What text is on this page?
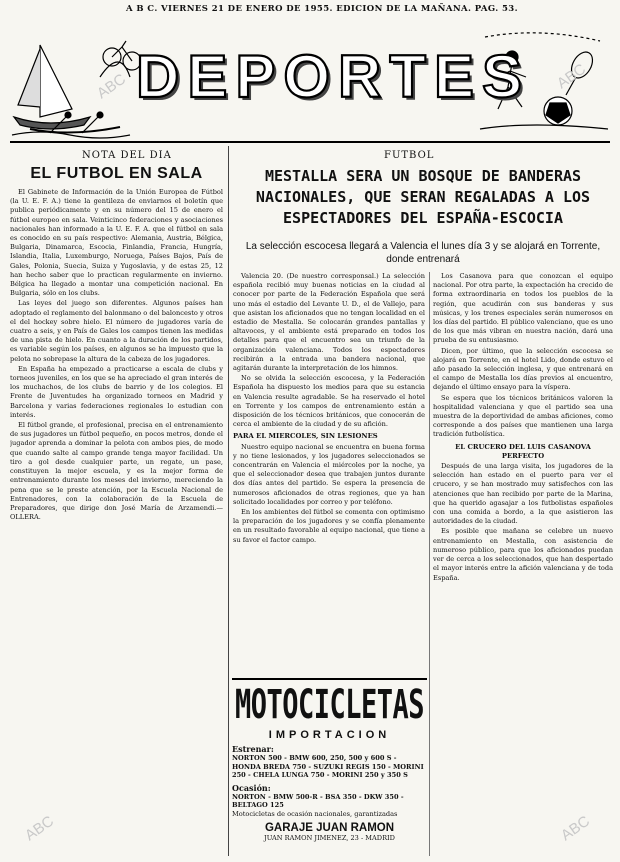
A B C. VIERNES 21 DE ENERO DE 1955. EDICION DE LA MAÑANA. PAG. 53.
DEPORTES
NOTA DEL DIA
EL FUTBOL EN SALA

El Gabinete de Información de la Unión Europea de Fútbol (la U. E. F. A.) tiene la gentileza de enviarnos el boletín que publica periódicamente y en su número del 15 de enero el fútbol europeo en sala. Veinticinco federaciones y asociaciones nacionales han informado a la U. E. F. A. que el fútbol en sala es conocido en su país respectivo: Alemania, Austria, Bélgica, Bulgaria, Dinamarca, Escocia, Finlandia, Francia, Hungría, Islandia, Italia, Luxemburgo, Noruega, Países Bajos, País de Gales, Polonia, Suecia, Suiza y Yugoslavia, y de estas 25, 12 han hecho saber que lo practican regularmente en invierno. Bélgica ha llegado a montar una competición nacional. En Bulgaria, sólo en los clubs.

Las leyes del juego son diferentes. Algunos países han adoptado el reglamento del balonmano o del baloncesto y otros el del hockey sobre hielo. El número de jugadores varía de cuatro a seis, y en País de Gales los campos tienen las medidas de una pista de hielo. En cuanto a la duración de los partidos, es variable según los países, en algunos se ha impuesto que la pelota no sobrepase la altura de la cabeza de los jugadores.

En España ha empezado a practicarse a escala de clubs y torneos juveniles, en los que se ha apreciado el gran interés de los muchachos, de los clubs de barrio y de los colegios. El Frente de Juventudes ha organizado torneos en Madrid y Barcelona y varias federaciones regionales lo estudian con interés.

El fútbol grande, el profesional, precisa en el entrenamiento de sus jugadores un fútbol pequeño, en pocos metros, donde el jugador aprenda a dominar la pelota con ambos pies, de modo que cuando salte al campo grande tenga mayor facilidad. Un tiro a gol desde cualquier parte, un regate, un pase, constituyen la mejor escuela, y es la mejor forma de entrenamiento durante los meses del invierno, mereciendo la pena que se le preste atención, por la Escuela Nacional de Entrenadores, con la colaboración de la Escuela de Preparadores, que dirige don José María de Arzamendi.—OLLERA.

FUTBOL
MESTALLA SERA UN BOSQUE DE BANDERAS NACIONALES, QUE SERAN REGALADAS A LOS ESPECTADORES DEL ESPAÑA-ESCOCIA
La selección escocesa llegará a Valencia el lunes día 3 y se alojará en Torrente, donde entrenará

Valencia 20. (De nuestro corresponsal.) La selección española recibió muy buenas noticias en la ciudad al conocer por parte de la Federación Española que será uno más el estadio del Levante U. D., el de Vallejo, para que asistan los aficionados que no tengan localidad en el estadio de Mestalla. Se colocarán grandes pantallas y altavoces, y el ambiente está preparado en todos los detalles para que el encuentro sea un triunfo de la organización valenciana. Todos los espectadores recibirán a la entrada una bandera nacional, que agitarán durante la interpretación de los himnos.

No se olvida la selección escocesa, y la Federación Española ha dispuesto los medios para que su estancia en Valencia resulte agradable. Se ha reservado el hotel en Torrente y los campos de entrenamiento están a disposición de los técnicos británicos, que conocerán de cerca el ambiente de la ciudad y de su afición.

PARA EL MIERCOLES, SIN LESIONES

Nuestro equipo nacional se encuentra en buena forma y no tiene lesionados, y los jugadores seleccionados se concentrarán en Valencia el miércoles por la noche, ya que el seleccionador desea que trabajen juntos durante dos días antes del partido. Se espera la presencia de numerosos aficionados de otras regiones, que ya han solicitado localidades por correo y por teléfono.

En los ambientes del fútbol se comenta con optimismo la preparación de los jugadores y se confía plenamente en un resultado favorable al equipo nacional, que tiene a su favor el factor campo.

Los Casanova para que conozcan el equipo nacional. Por otra parte, la expectación ha crecido de forma extraordinaria en todos los pueblos de la región, que acudirán con sus banderas y sus músicas, y los trenes especiales serán numerosos en los días del partido. El público valenciano, que es uno de los que más vibran en nuestra nación, dará una prueba de su entusiasmo.

Dicen, por último, que la selección escocesa se alojará en Torrente, en el hotel Lido, donde estuvo el año pasado la selección inglesa, y que entrenará en el campo de Mestalla los días previos al encuentro, dejando el último ensayo para la víspera.

Se espera que los técnicos británicos valoren la hospitalidad valenciana y que el partido sea una muestra de la deportividad de ambas aficiones, como corresponde a dos países que mantienen una larga tradición futbolística.

EL CRUCERO DEL LUIS CASANOVA PERFECTO

Después de una larga visita, los jugadores de la selección han estado en el puerto para ver el crucero, y se han mostrado muy satisfechos con las atenciones que han recibido por parte de la Marina, que ha querido agasajar a los futbolistas españoles con una comida a bordo, a la que asistieron las autoridades de la ciudad.

Es posible que mañana se celebre un nuevo entrenamiento en Mestalla, con asistencia de numeroso público, para que los aficionados puedan ver de cerca a los seleccionados, que han despertado el mayor interés entre la afición valenciana y de toda España.

MOTOCICLETAS
IMPORTACION
Estrenar:
NORTON 500 - BMW 600, 250, 500 y 600 S - HONDA BREDA 750 - SUZUKI REGIS 150 - MORINI 250 - CHELA LUNGA 750 - MORINI 250 y 350 S
Ocasión:
NORTON - BMW 500-R - BSA 350 - DKW 350 - BELTAGO 125
Motocicletas de ocasión nacionales, garantizadas
GARAJE JUAN RAMON
JUAN RAMON JIMENEZ, 23 - MADRID
ABC	ABC
ABC
ABC
